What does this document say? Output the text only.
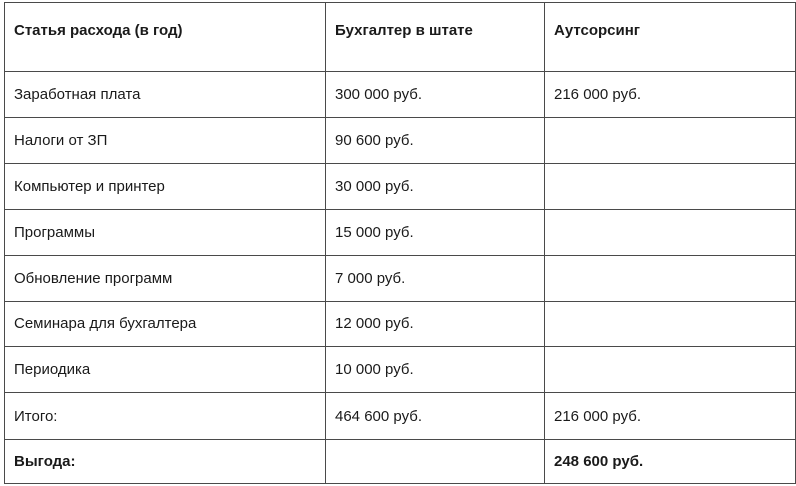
Статья расхода (в год)	Бухгалтер в штате	Аутсорсинг
Заработная плата	300 000 руб.	216 000 руб.
Налоги от ЗП	90 600 руб.	
Компьютер и принтер	30 000 руб.	
Программы	15 000 руб.	
Обновление программ	7 000 руб.	
Семинара для бухгалтера	12 000 руб.	
Периодика	10 000 руб.	
Итого:	464 600 руб.	216 000 руб.
Выгода:		248 600 руб.
